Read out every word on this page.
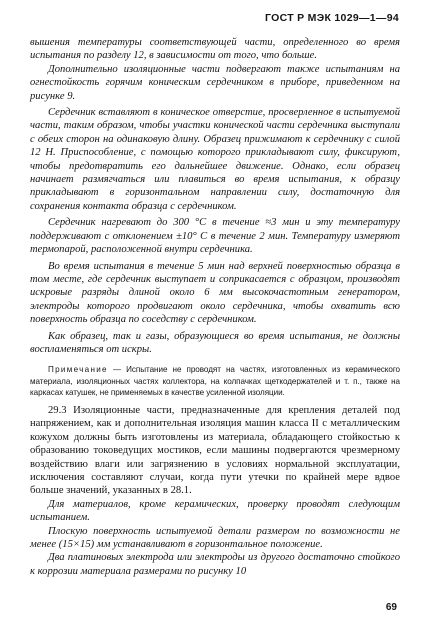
ГОСТ Р МЭК 1029—1—94

вышения температуры соответствующей части, определенного во время испытания по разделу 12, в зависимости от того, что больше.

Дополнительно изоляционные части подвергают также испытаниям на огнестойкость горячим коническим сердечником в приборе, приведенном на рисунке 9.

Сердечник вставляют в коническое отверстие, просверленное в испытуемой части, таким образом, чтобы участки конической части сердечника выступали с обеих сторон на одинаковую длину. Образец прижимают к сердечнику с силой 12 Н. Приспособление, с помощью которого прикладывают силу, фиксируют, чтобы предотвратить его дальнейшее движение. Однако, если образец начинает размягчаться или плавиться во время испытания, к образцу прикладывают в горизонтальном направлении силу, достаточную для сохранения контакта образца с сердечником.

Сердечник нагревают до 300 °С в течение ≈3 мин и эту температуру поддерживают с отклонением ±10° С в течение 2 мин. Температуру измеряют термопарой, расположенной внутри сердечника.

Во время испытания в течение 5 мин над верхней поверхностью образца в том месте, где сердечник выступает и соприкасается с образцом, производят искровые разряды длиной около 6 мм высокочастотным генератором, электроды которого продвигают около сердечника, чтобы охватить всю поверхность образца по соседству с сердечником.

Как образец, так и газы, образующиеся во время испытания, не должны воспламеняться от искры.

Примечание — Испытание не проводят на частях, изготовленных из керамического материала, изоляционных частях коллектора, на колпачках щеткодержателей и т. п., также на каркасах катушек, не применяемых в качестве усиленной изоляции.

29.3 Изоляционные части, предназначенные для крепления деталей под напряжением, как и дополнительная изоляция машин класса II с металлическим кожухом должны быть изготовлены из материала, обладающего стойкостью к образованию токоведущих мостиков, если машины подвергаются чрезмерному воздействию влаги или загрязнению в условиях нормальной эксплуатации, исключения составляют случаи, когда пути утечки по крайней мере вдвое больше значений, указанных в 28.1.

Для материалов, кроме керамических, проверку проводят следующим испытанием.

Плоскую поверхность испытуемой детали размером по возможности не менее (15×15) мм устанавливают в горизонтальное положение.

Два платиновых электрода или электроды из другого достаточно стойкого к коррозии материала размерами по рисунку 10

69
